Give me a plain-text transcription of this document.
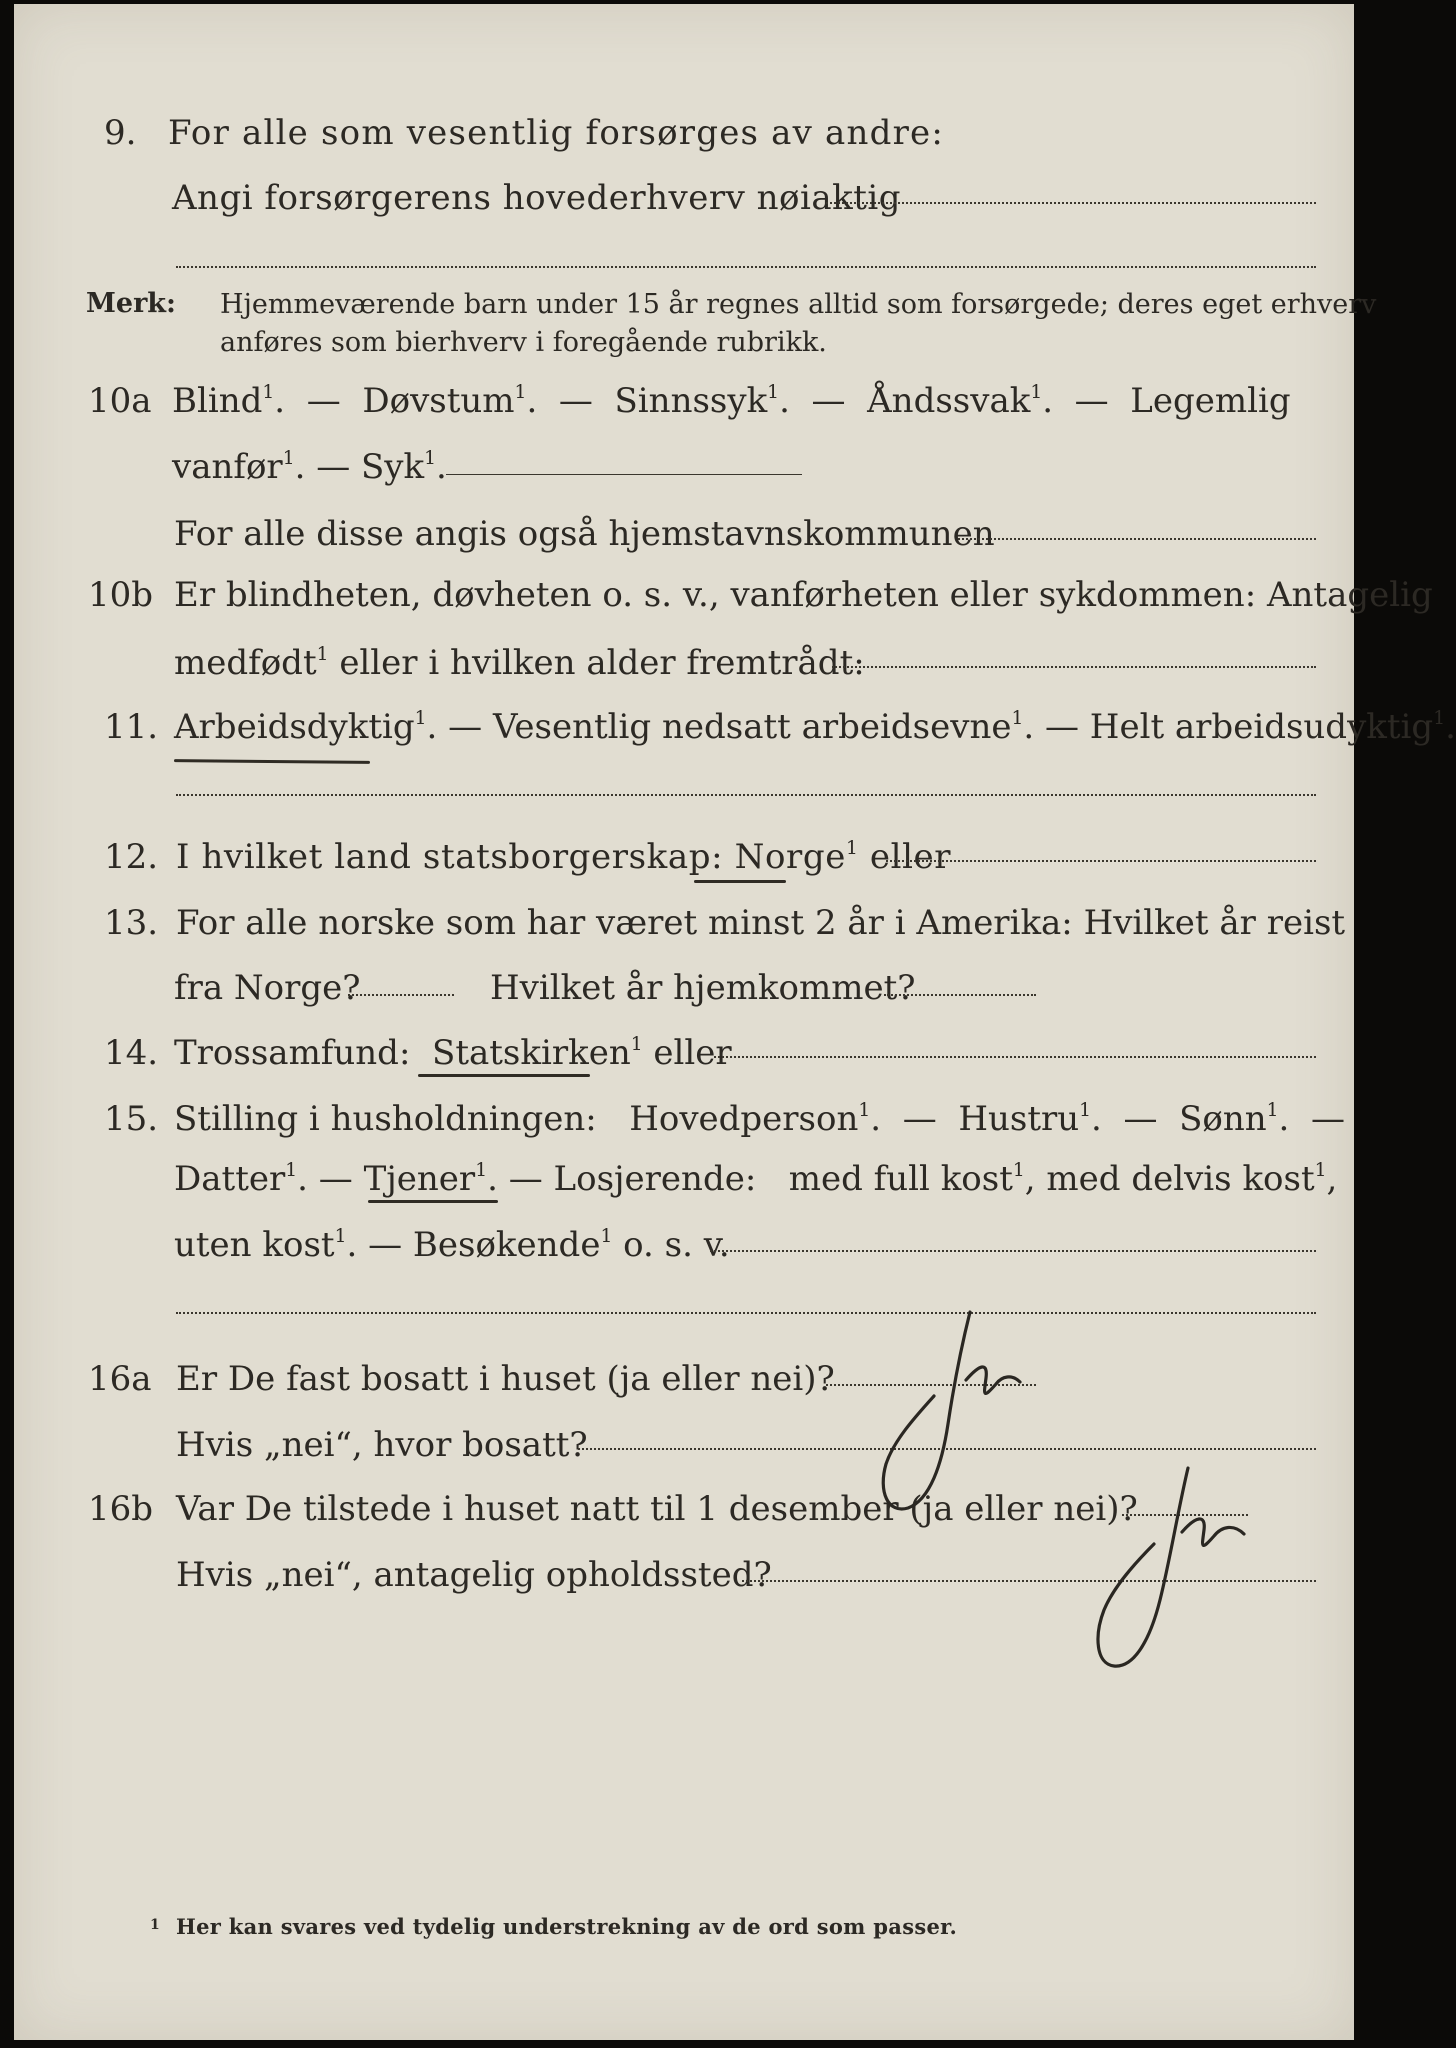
9. For alle som vesentlig forsørges av andre:
Angi forsørgerens hovederhverv nøiaktig
Merk: Hjemmeværende barn under 15 år regnes alltid som forsørgede; deres eget erhverv
anføres som bierhverv i foregående rubrikk.
10a Blind$^1$.  — Døvstum$^1$.  — Sinnssyk$^1$.  — Åndssvak$^1$.  — Legemlig
vanfør$^1$. — Syk$^1$.
For alle disse angis også hjemstavnskommunen
10b Er blindheten, døvheten o. s. v., vanførheten eller sykdommen: Antagelig
medfødt$^1$ eller i hvilken alder fremtrådt:
11. Arbeidsdyktig$^1$. — Vesentlig nedsatt arbeidsevne$^1$. — Helt arbeidsudyktig$^1$.
12. I hvilket land statsborgerskap: Norge$^1$ eller
13. For alle norske som har været minst 2 år i Amerika: Hvilket år reist
fra Norge?	Hvilket år hjemkommet?
14. Trossamfund: Statskirken$^1$ eller
15. Stilling i husholdningen: Hovedperson$^1$.  — Hustru$^1$.  — Sønn$^1$.  —
Datter$^1$. — Tjener$^1$. — Losjerende: med full kost$^1$, med delvis kost$^1$,
uten kost$^1$. — Besøkende$^1$ o. s. v.
16a Er De fast bosatt i huset (ja eller nei)?
Hvis „nei“, hvor bosatt?
16b Var De tilstede i huset natt til 1 desember (ja eller nei)?
Hvis „nei“, antagelig opholdssted?
1 Her kan svares ved tydelig understrekning av de ord som passer.
